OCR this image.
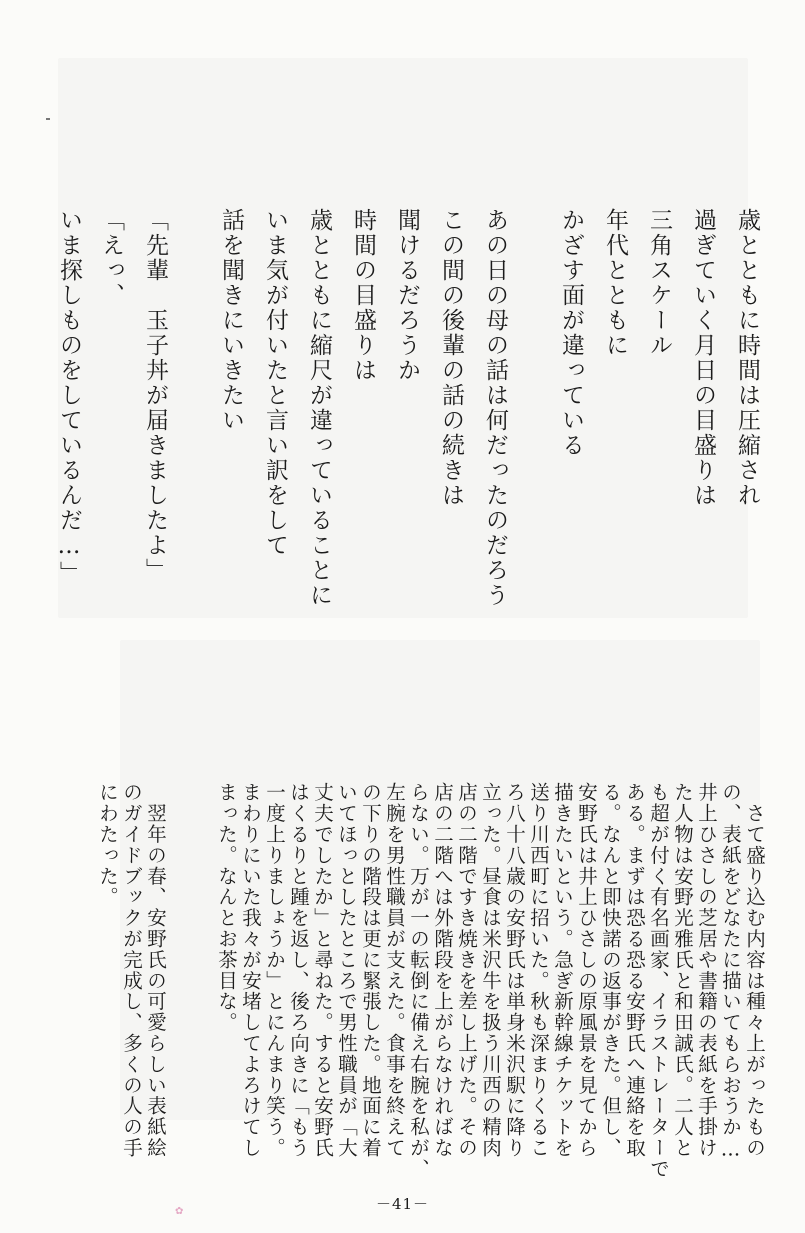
歳とともに時間は圧縮され
過ぎていく月日の目盛りは
三角スケール
年代とともに
かざす面が違っている
あの日の母の話は何だったのだろう
この間の後輩の話の続きは
聞けるだろうか
時間の目盛りは
歳とともに縮尺が違っていることに
いま気が付いたと言い訳をして
話を聞きにいきたい
「先輩　玉子丼が届きましたよ」
「えっ、
いま探しものをしているんだ…」
　さて盛り込む内容は種々上がったもの
の、表紙をどなたに描いてもらおうか…
井上ひさしの芝居や書籍の表紙を手掛け
た人物は安野光雅氏と和田誠氏。二人と
も超が付く有名画家、イラストレーターで
ある。まずは恐る恐る安野氏へ連絡を取
る。なんと即快諾の返事がきた。但し、
安野氏は井上ひさしの原風景を見てから
描きたいという。急ぎ新幹線チケットを
送り川西町に招いた。秋も深まりくるこ
ろ八十八歳の安野氏は単身米沢駅に降り
立った。昼食は米沢牛を扱う川西の精肉
店の二階ですき焼きを差し上げた。その
店の二階へは外階段を上がらなければな
らない。万が一の転倒に備え右腕を私が、
左腕を男性職員が支えた。食事を終えて
の下りの階段は更に緊張した。地面に着
いてほっとしたところで男性職員が「大
丈夫でしたか」と尋ねた。すると安野氏
はくるりと踵を返し、後ろ向きに「もう
一度上りましょうか」とにんまり笑う。
まわりにいた我々が安堵してよろけてし
まった。なんとお茶目な。
　翌年の春、安野氏の可愛らしい表紙絵
のガイドブックが完成し、多くの人の手
にわたった。
－41－
✿
